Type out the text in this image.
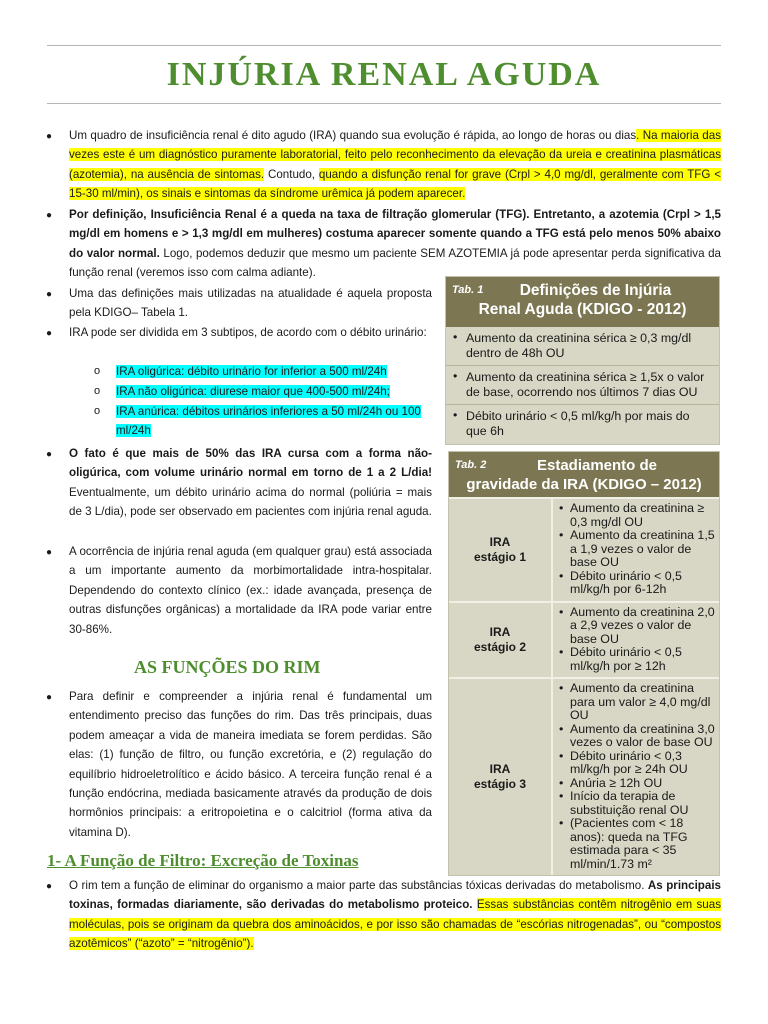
INJÚRIA RENAL AGUDA
● Um quadro de insuficiência renal é dito agudo (IRA) quando sua evolução é rápida, ao longo de horas ou dias. Na maioria das vezes este é um diagnóstico puramente laboratorial, feito pelo reconhecimento da elevação da ureia e creatinina plasmáticas (azotemia), na ausência de sintomas. Contudo, quando a disfunção renal for grave (Crpl > 4,0 mg/dl, geralmente com TFG < 15-30 ml/min), os sinais e sintomas da síndrome urêmica já podem aparecer.
● Por definição, Insuficiência Renal é a queda na taxa de filtração glomerular (TFG). Entretanto, a azotemia (Crpl > 1,5 mg/dl em homens e > 1,3 mg/dl em mulheres) costuma aparecer somente quando a TFG está pelo menos 50% abaixo do valor normal. Logo, podemos deduzir que mesmo um paciente SEM AZOTEMIA já pode apresentar perda significativa da função renal (veremos isso com calma adiante).
● Uma das definições mais utilizadas na atualidade é aquela proposta pela KDIGO– Tabela 1.
● IRA pode ser dividida em 3 subtipos, de acordo com o débito urinário:
o IRA oligúrica: débito urinário for inferior a 500 ml/24h
o IRA não oligúrica: diurese maior que 400-500 ml/24h;
o IRA anúrica: débitos urinários inferiores a 50 ml/24h ou 100 ml/24h
● O fato é que mais de 50% das IRA cursa com a forma não-oligúrica, com volume urinário normal em torno de 1 a 2 L/dia! Eventualmente, um débito urinário acima do normal (poliúria = mais de 3 L/dia), pode ser observado em pacientes com injúria renal aguda.
● A ocorrência de injúria renal aguda (em qualquer grau) está associada a um importante aumento da morbimortalidade intra-hospitalar. Dependendo do contexto clínico (ex.: idade avançada, presença de outras disfunções orgânicas) a mortalidade da IRA pode variar entre 30-86%.
AS FUNÇÕES DO RIM
● Para definir e compreender a injúria renal é fundamental um entendimento preciso das funções do rim. Das três principais, duas podem ameaçar a vida de maneira imediata se forem perdidas. São elas: (1) função de filtro, ou função excretória, e (2) regulação do equilíbrio hidroeletrolítico e ácido básico. A terceira função renal é a função endócrina, mediada basicamente através da produção de dois hormônios principais: a eritropoietina e o calcitriol (forma ativa da vitamina D).
1- A Função de Filtro: Excreção de Toxinas
● O rim tem a função de eliminar do organismo a maior parte das substâncias tóxicas derivadas do metabolismo. As principais toxinas, formadas diariamente, são derivadas do metabolismo proteico. Essas substâncias contêm nitrogênio em suas moléculas, pois se originam da quebra dos aminoácidos, e por isso são chamadas de “escórias nitrogenadas”, ou “compostos azotêmicos” (“azoto” = “nitrogênio”).
Tab. 1	Definições de Injúria
Renal Aguda (KDIGO - 2012)
• Aumento da creatinina sérica ≥ 0,3 mg/dl dentro de 48h OU
• Aumento da creatinina sérica ≥ 1,5x o valor de base, ocorrendo nos últimos 7 dias OU
• Débito urinário < 0,5 ml/kg/h por mais do que 6h
Tab. 2	Estadiamento de
gravidade da IRA (KDIGO – 2012)
IRA
estágio 1
• Aumento da creatinina ≥ 0,3 mg/dl OU
• Aumento da creatinina 1,5 a 1,9 vezes o valor de base OU
• Débito urinário < 0,5 ml/kg/h por 6-12h
IRA
estágio 2
• Aumento da creatinina 2,0 a 2,9 vezes o valor de base OU
• Débito urinário < 0,5 ml/kg/h por ≥ 12h
IRA
estágio 3
• Aumento da creatinina para um valor ≥ 4,0 mg/dl OU
• Aumento da creatinina 3,0 vezes o valor de base OU
• Débito urinário < 0,3 ml/kg/h por ≥ 24h OU
• Anúria ≥ 12h OU
• Início da terapia de substituição renal OU
• (Pacientes com < 18 anos): queda na TFG estimada para < 35 ml/min/1.73 m²
